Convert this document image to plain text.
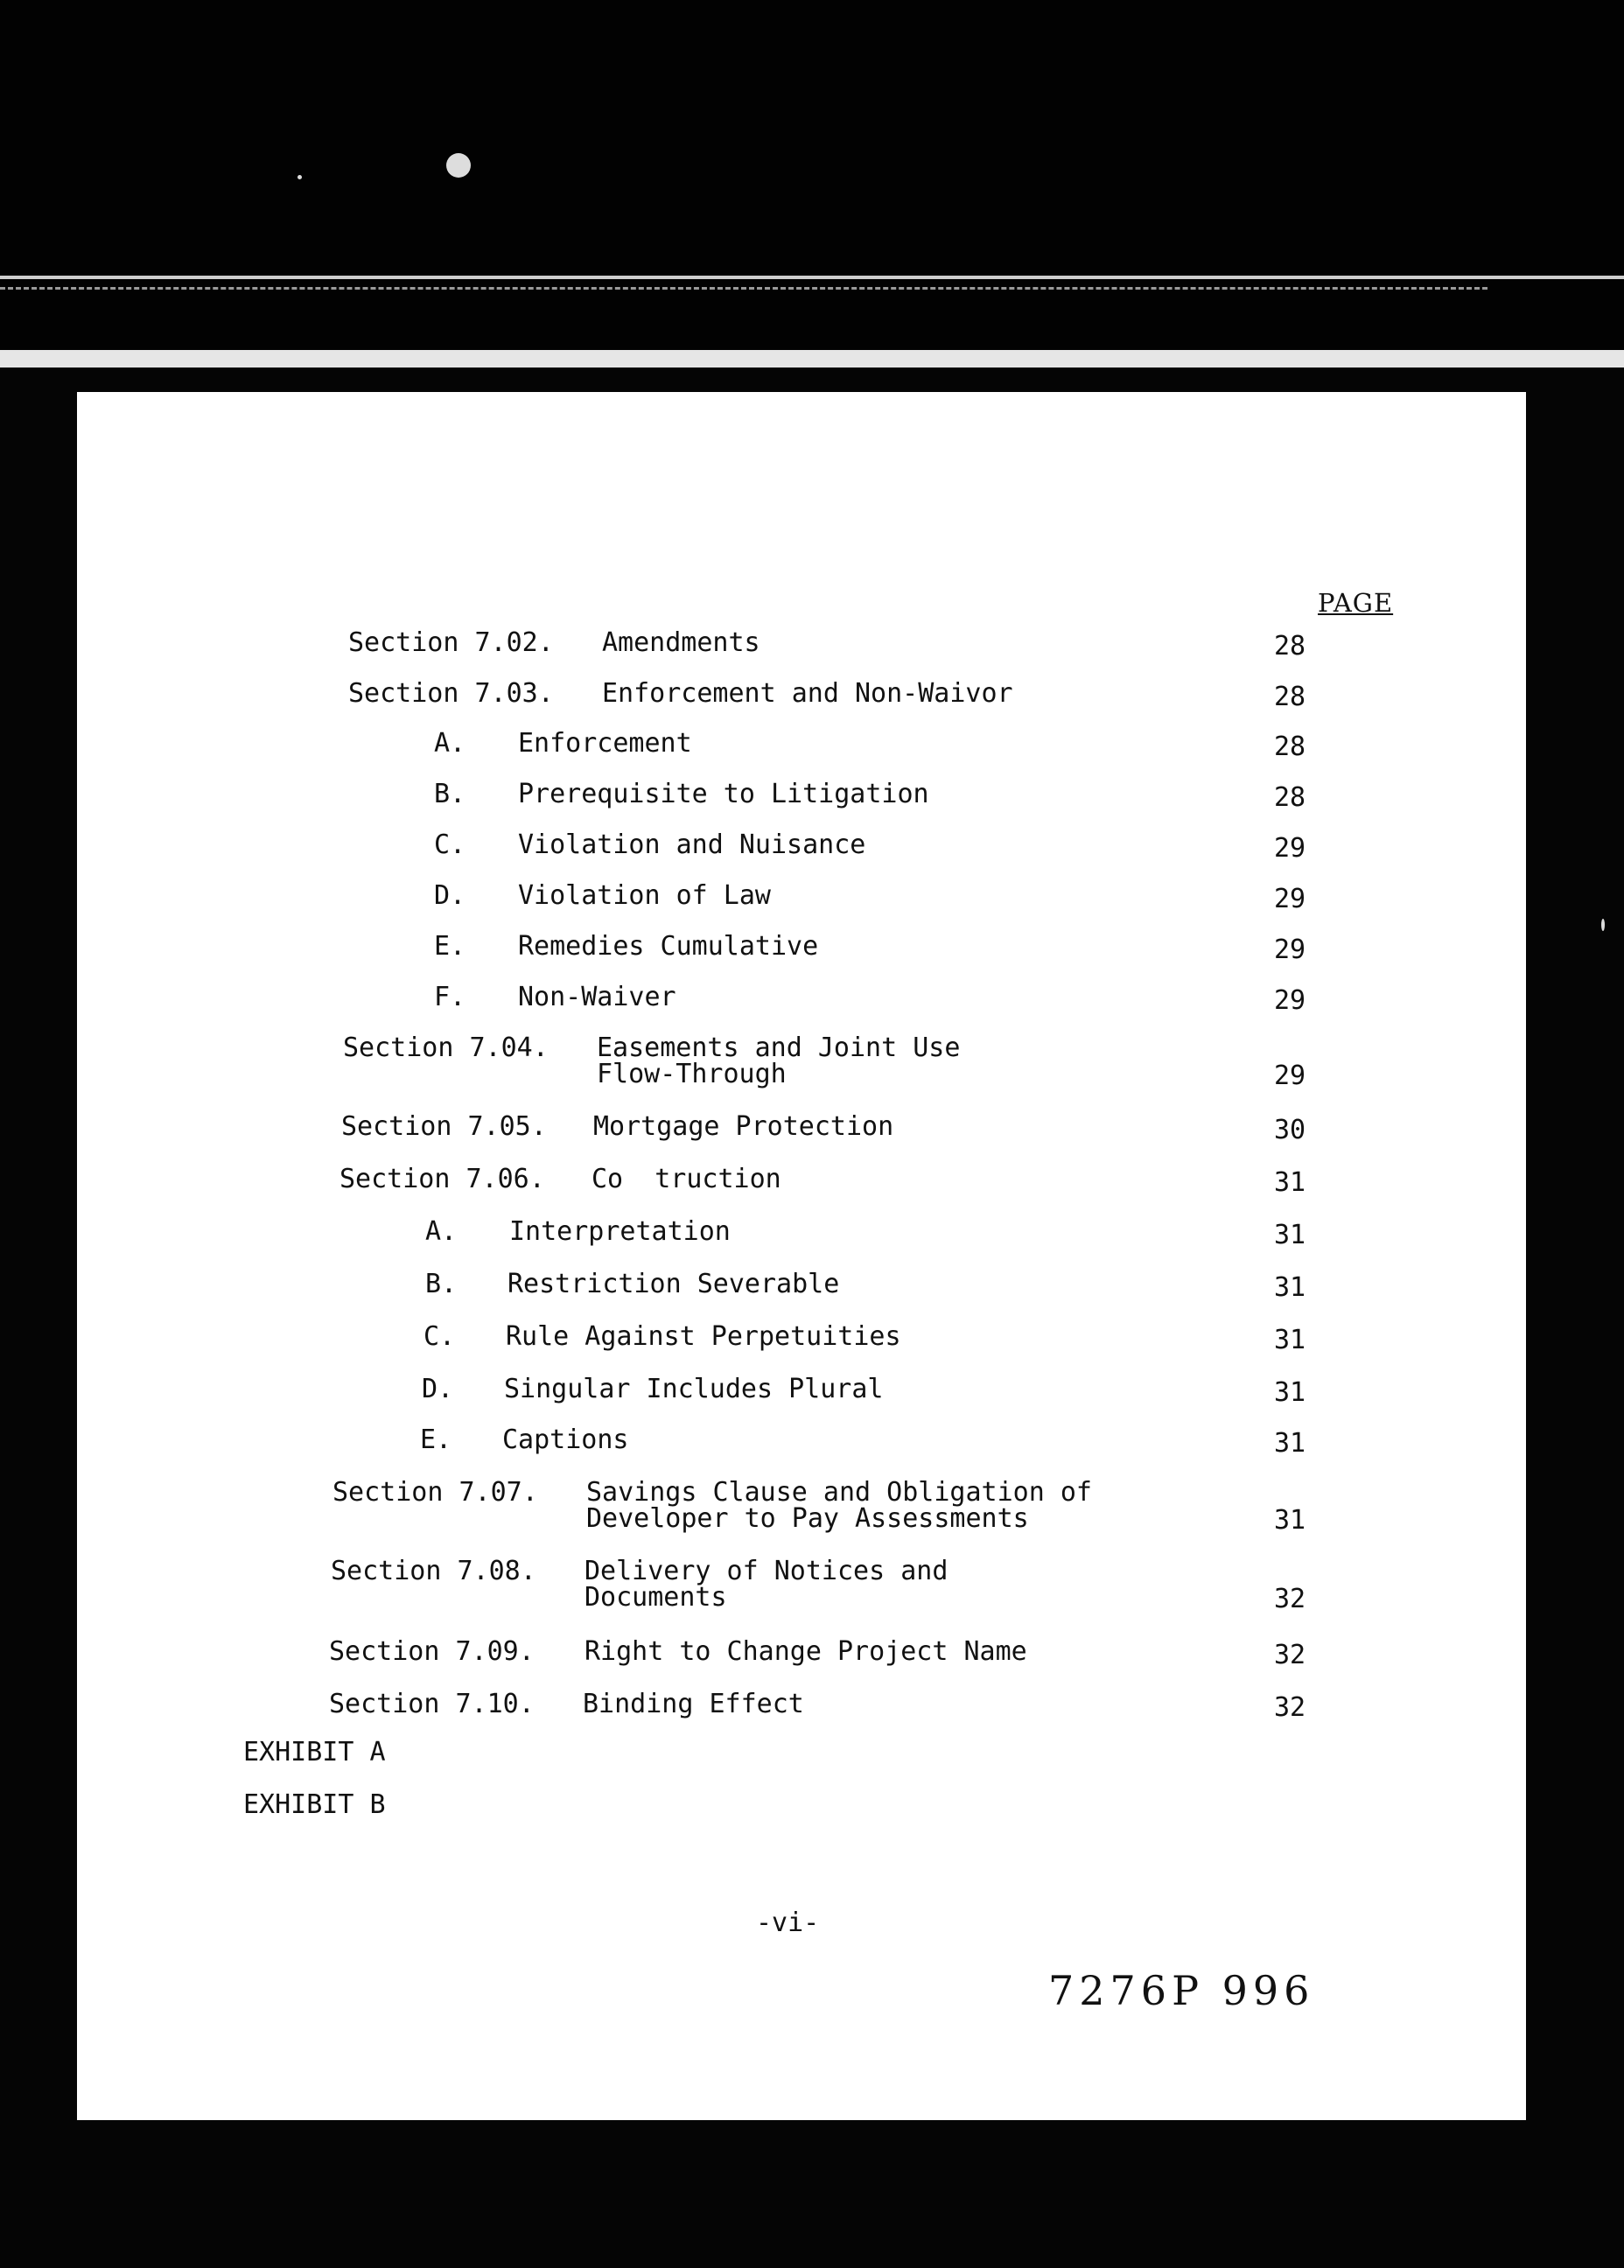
PAGE
Section 7.02. Amendments	28
Section 7.03. Enforcement and Non-Waivor	28
A. Enforcement	28
B. Prerequisite to Litigation	28
C. Violation and Nuisance	29
D. Violation of Law	29
E. Remedies Cumulative	29
F. Non-Waiver	29
Section 7.04. Easements and Joint Use
Flow-Through	29
Section 7.05. Mortgage Protection	30
Section 7.06. Co  truction	31
A. Interpretation	31
B. Restriction Severable	31
C. Rule Against Perpetuities	31
D. Singular Includes Plural	31
E. Captions	31
Section 7.07. Savings Clause and Obligation of
Developer to Pay Assessments	31
Section 7.08. Delivery of Notices and
Documents	32
Section 7.09. Right to Change Project Name	32
Section 7.10. Binding Effect	32
EXHIBIT A
EXHIBIT B
-vi-
7276P 996
